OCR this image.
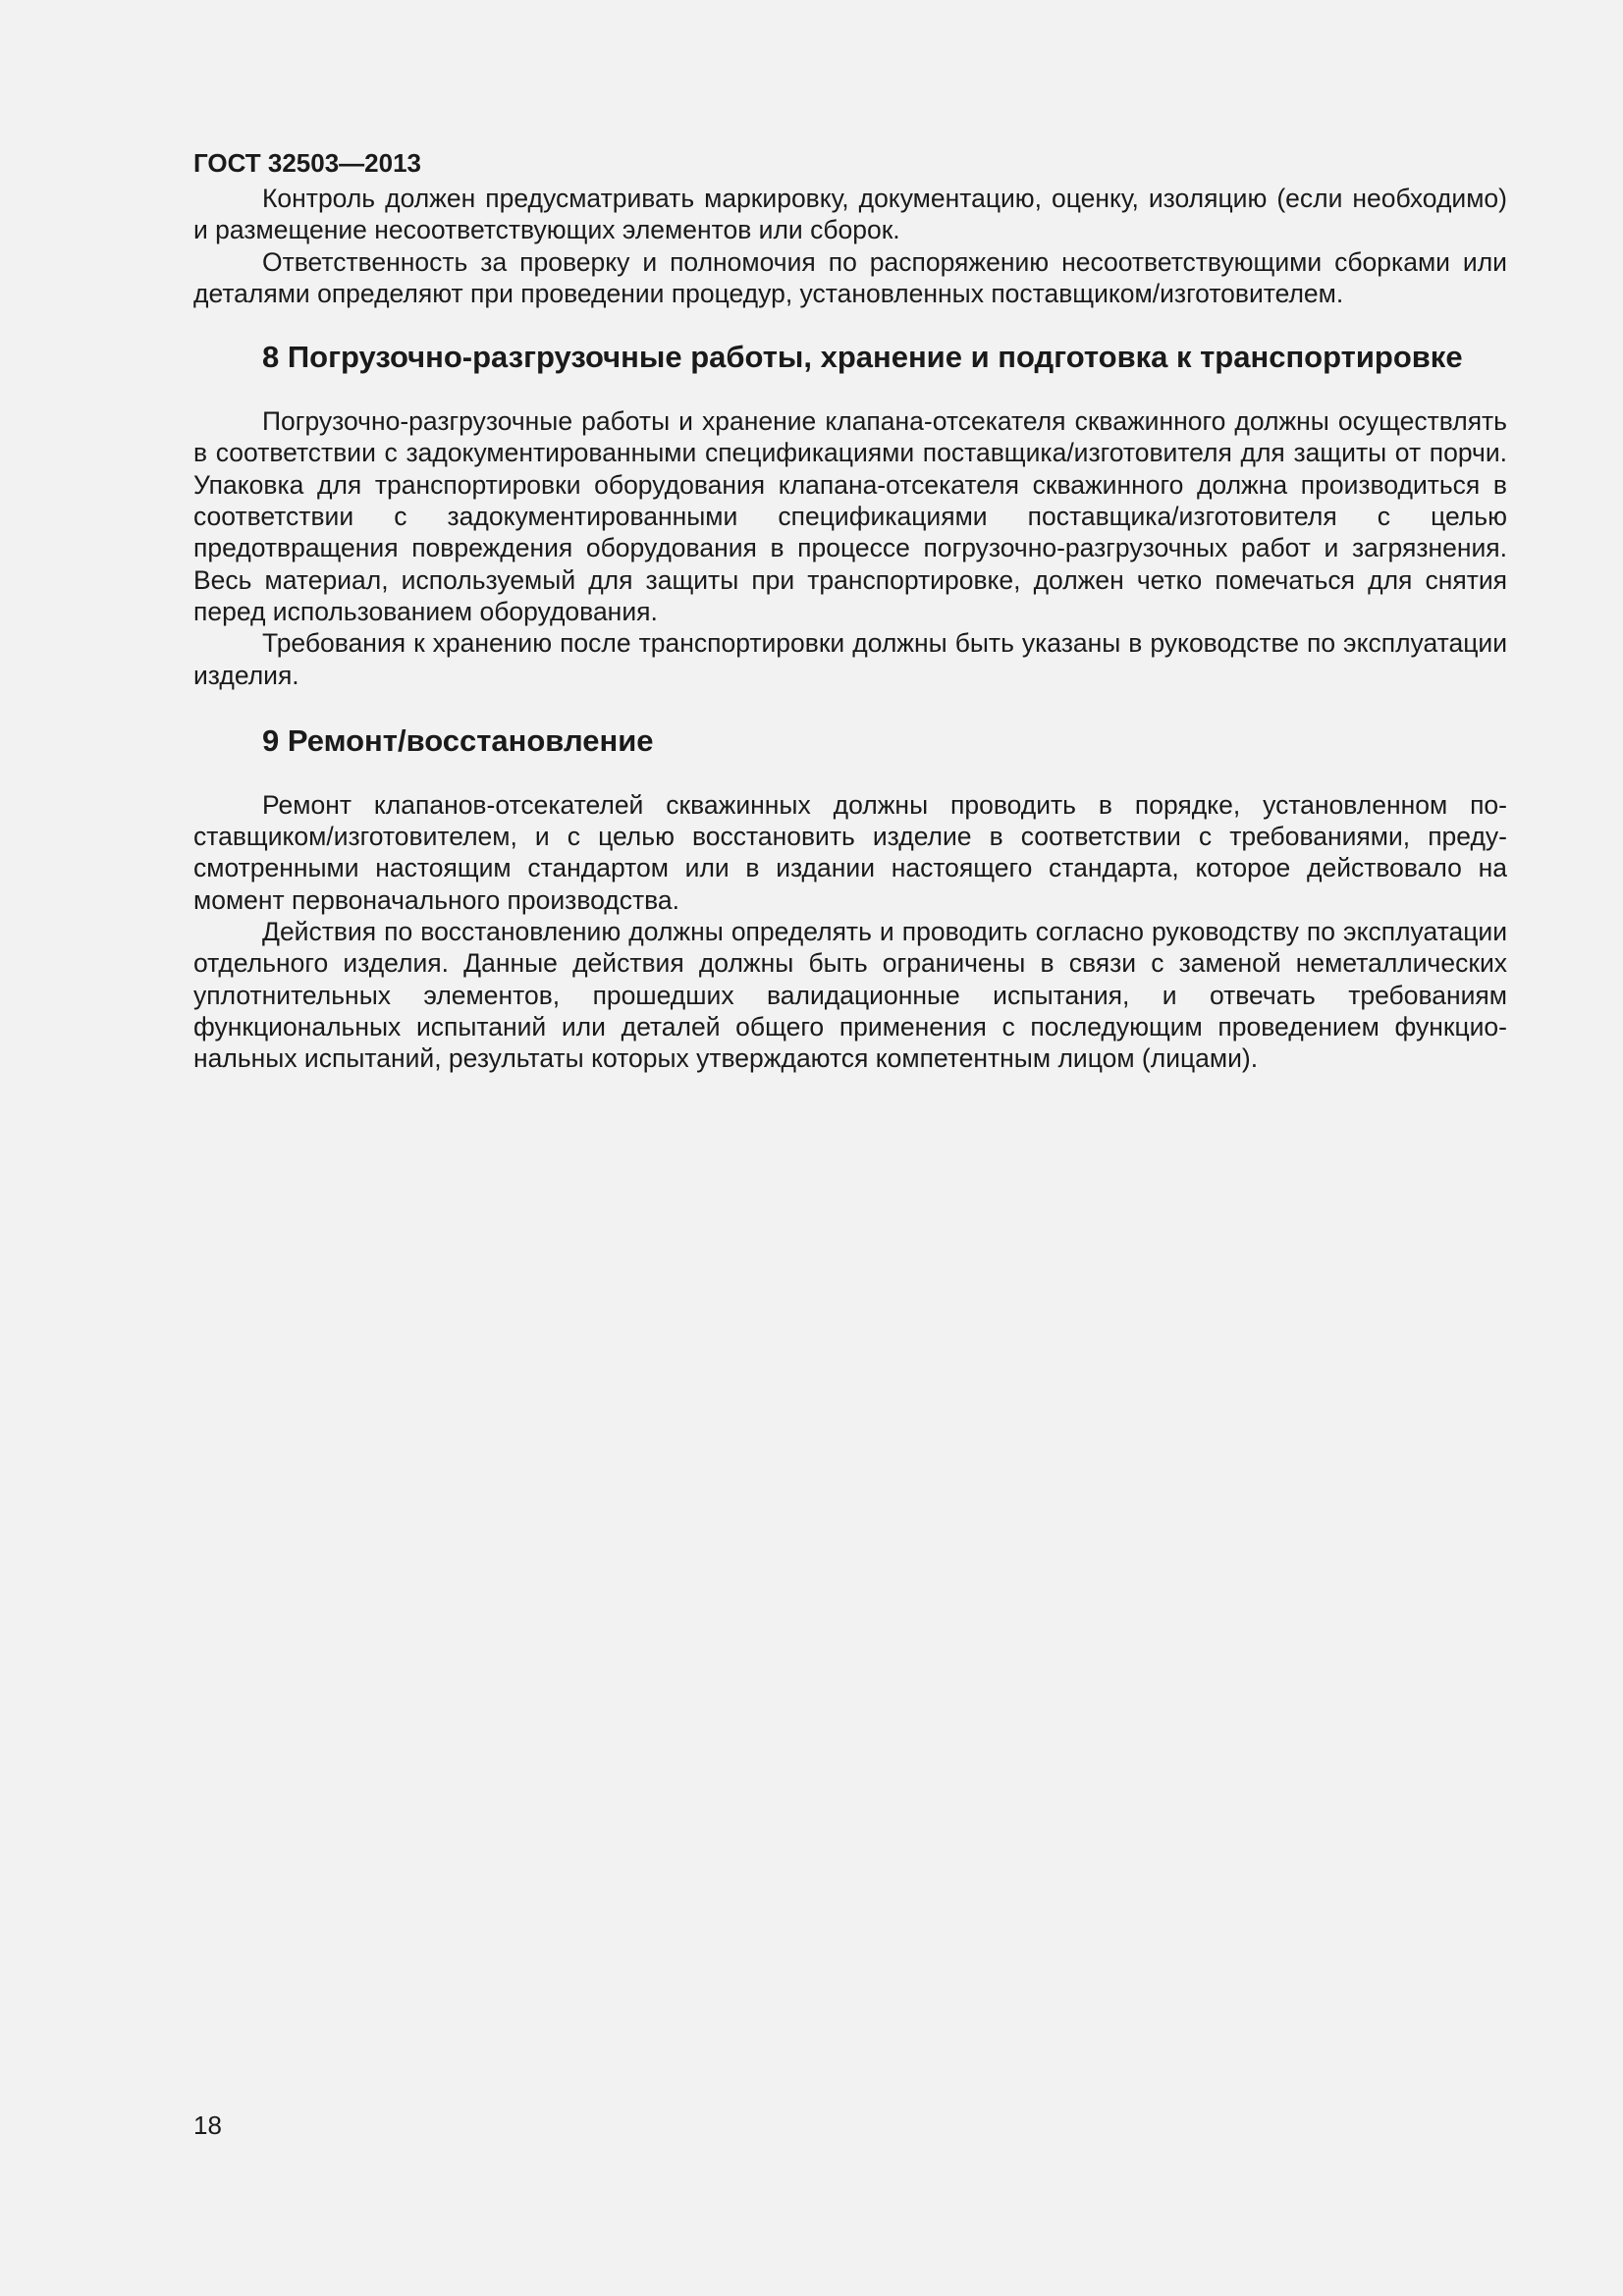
ГОСТ 32503—2013

Контроль должен предусматривать маркировку, документацию, оценку, изоляцию (если необходимо) и размещение несоответствующих элементов или сборок.

Ответственность за проверку и полномочия по распоряжению несоответствующими сборками или деталями определяют при проведении процедур, установленных поставщиком/изготовителем.

8 Погрузочно-разгрузочные работы, хранение и подготовка к транспортировке

Погрузочно-разгрузочные работы и хранение клапана-отсекателя скважинного должны осуществлять в соответствии с задокументированными спецификациями поставщика/изготовителя для защиты от порчи. Упаковка для транспортировки оборудования клапана-отсекателя скважинного должна производиться в соответствии с задокументированными спецификациями поставщика/изготовителя с целью предотвращения повреждения оборудования в процессе погрузочно-разгрузочных работ и загрязнения. Весь материал, используемый для защиты при транспортировке, должен четко помечаться для снятия перед использованием оборудования.

Требования к хранению после транспортировки должны быть указаны в руководстве по эксплуатации изделия.

9 Ремонт/восстановление

Ремонт клапанов-отсекателей скважинных должны проводить в порядке, установленном поставщиком/изготовителем, и с целью восстановить изделие в соответствии с требованиями, предусмотренными настоящим стандартом или в издании настоящего стандарта, которое действовало на момент первоначального производства.

Действия по восстановлению должны определять и проводить согласно руководству по эксплуатации отдельного изделия. Данные действия должны быть ограничены в связи с заменой неметаллических уплотнительных элементов, прошедших валидационные испытания, и отвечать требованиям функциональных испытаний или деталей общего применения с последующим проведением функциональных испытаний, результаты которых утверждаются компетентным лицом (лицами).

18
